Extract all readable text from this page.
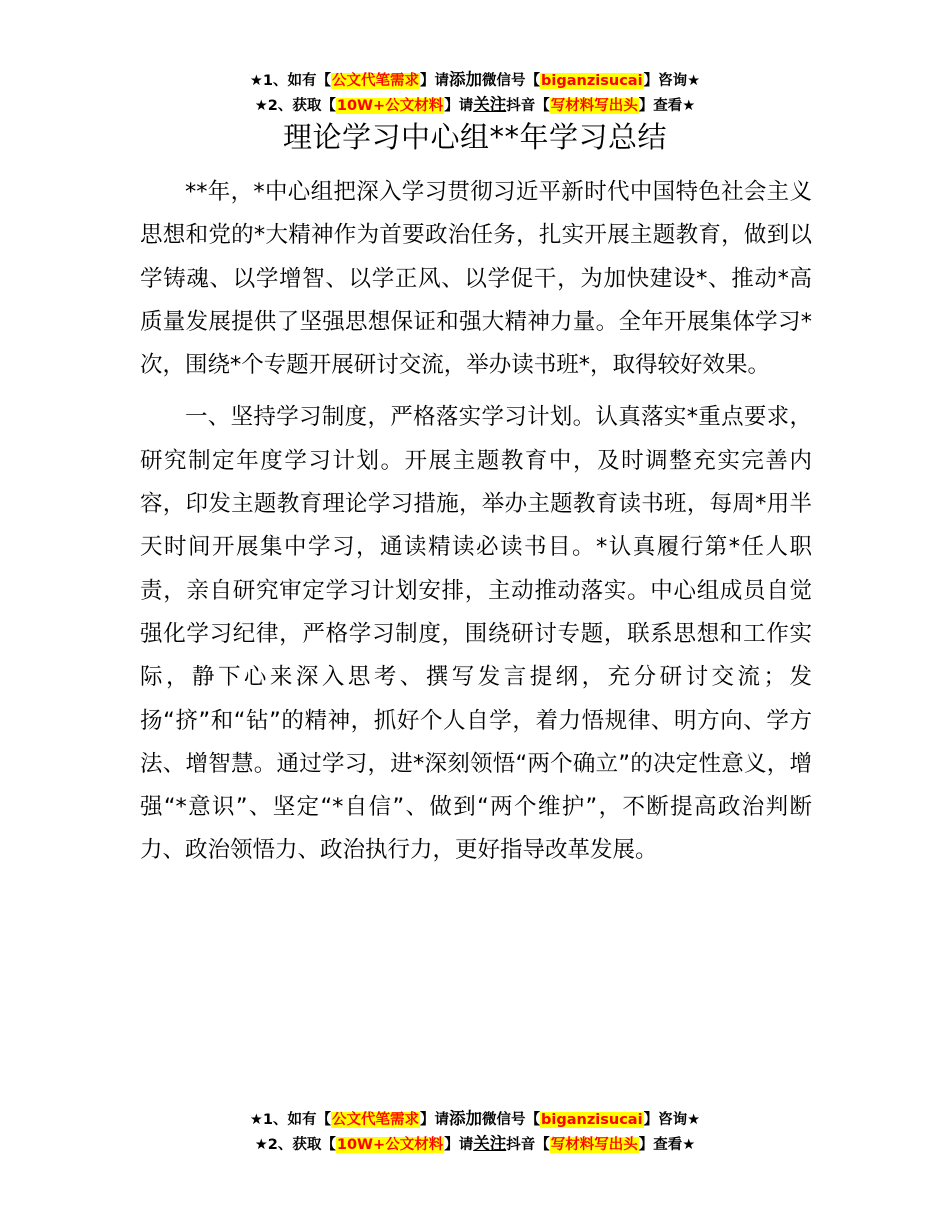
★1、如有【公文代笔需求】请添加微信号【biganzisucai】咨询★
★2、获取【10W+公文材料】请关注抖音【写材料写出头】查看★
理论学习中心组**年学习总结

**年，*中心组把深入学习贯彻习近平新时代中国特色社会主义思想和党的*大精神作为首要政治任务，扎实开展主题教育，做到以学铸魂、以学增智、以学正风、以学促干，为加快建设*、推动*高质量发展提供了坚强思想保证和强大精神力量。全年开展集体学习*次，围绕*个专题开展研讨交流，举办读书班*，取得较好效果。

一、坚持学习制度，严格落实学习计划。认真落实*重点要求，研究制定年度学习计划。开展主题教育中，及时调整充实完善内容，印发主题教育理论学习措施，举办主题教育读书班，每周*用半天时间开展集中学习，通读精读必读书目。*认真履行第*任人职责，亲自研究审定学习计划安排，主动推动落实。中心组成员自觉强化学习纪律，严格学习制度，围绕研讨专题，联系思想和工作实际，静下心来深入思考、撰写发言提纲，充分研讨交流；发扬“挤”和“钻”的精神，抓好个人自学，着力悟规律、明方向、学方法、增智慧。通过学习，进*深刻领悟“两个确立”的决定性意义，增强“*意识”、坚定“*自信”、做到“两个维护”，不断提高政治判断力、政治领悟力、政治执行力，更好指导改革发展。

★1、如有【公文代笔需求】请添加微信号【biganzisucai】咨询★
★2、获取【10W+公文材料】请关注抖音【写材料写出头】查看★
